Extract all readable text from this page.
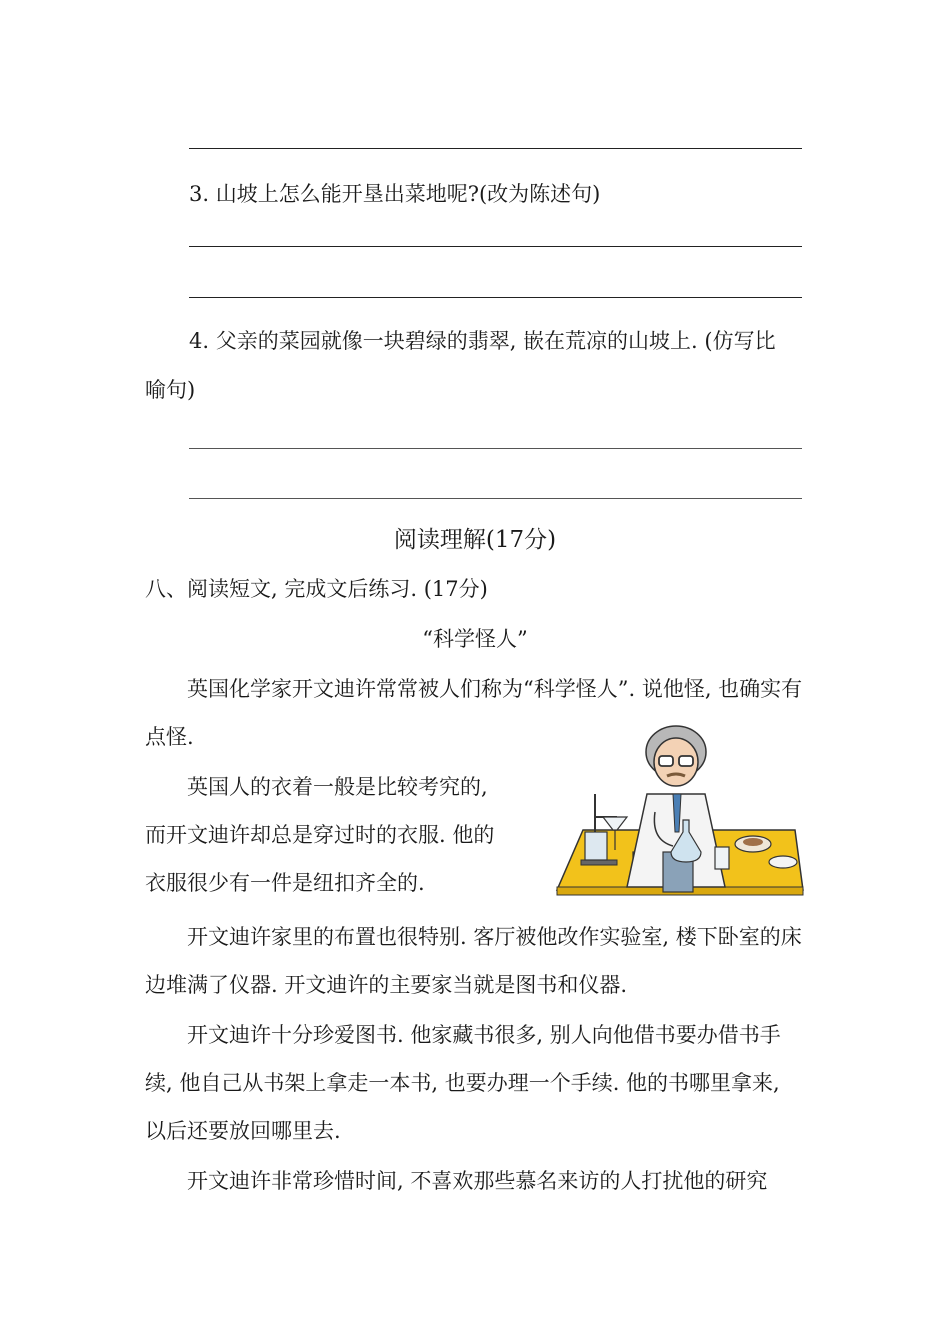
3. 山坡上怎么能开垦出菜地呢?(改为陈述句)
4. 父亲的菜园就像一块碧绿的翡翠, 嵌在荒凉的山坡上. (仿写比
喻句)
阅读理解(17分)
八、阅读短文, 完成文后练习. (17分)
“科学怪人”
英国化学家开文迪许常常被人们称为“科学怪人”. 说他怪, 也确实有点怪.
英国人的衣着一般是比较考究的, 而开文迪许却总是穿过时的衣服. 他的衣服很少有一件是纽扣齐全的.
开文迪许家里的布置也很特别. 客厅被他改作实验室, 楼下卧室的床边堆满了仪器. 开文迪许的主要家当就是图书和仪器.
开文迪许十分珍爱图书. 他家藏书很多, 别人向他借书要办借书手续, 他自己从书架上拿走一本书, 也要办理一个手续. 他的书哪里拿来, 以后还要放回哪里去.
开文迪许非常珍惜时间, 不喜欢那些慕名来访的人打扰他的研究
